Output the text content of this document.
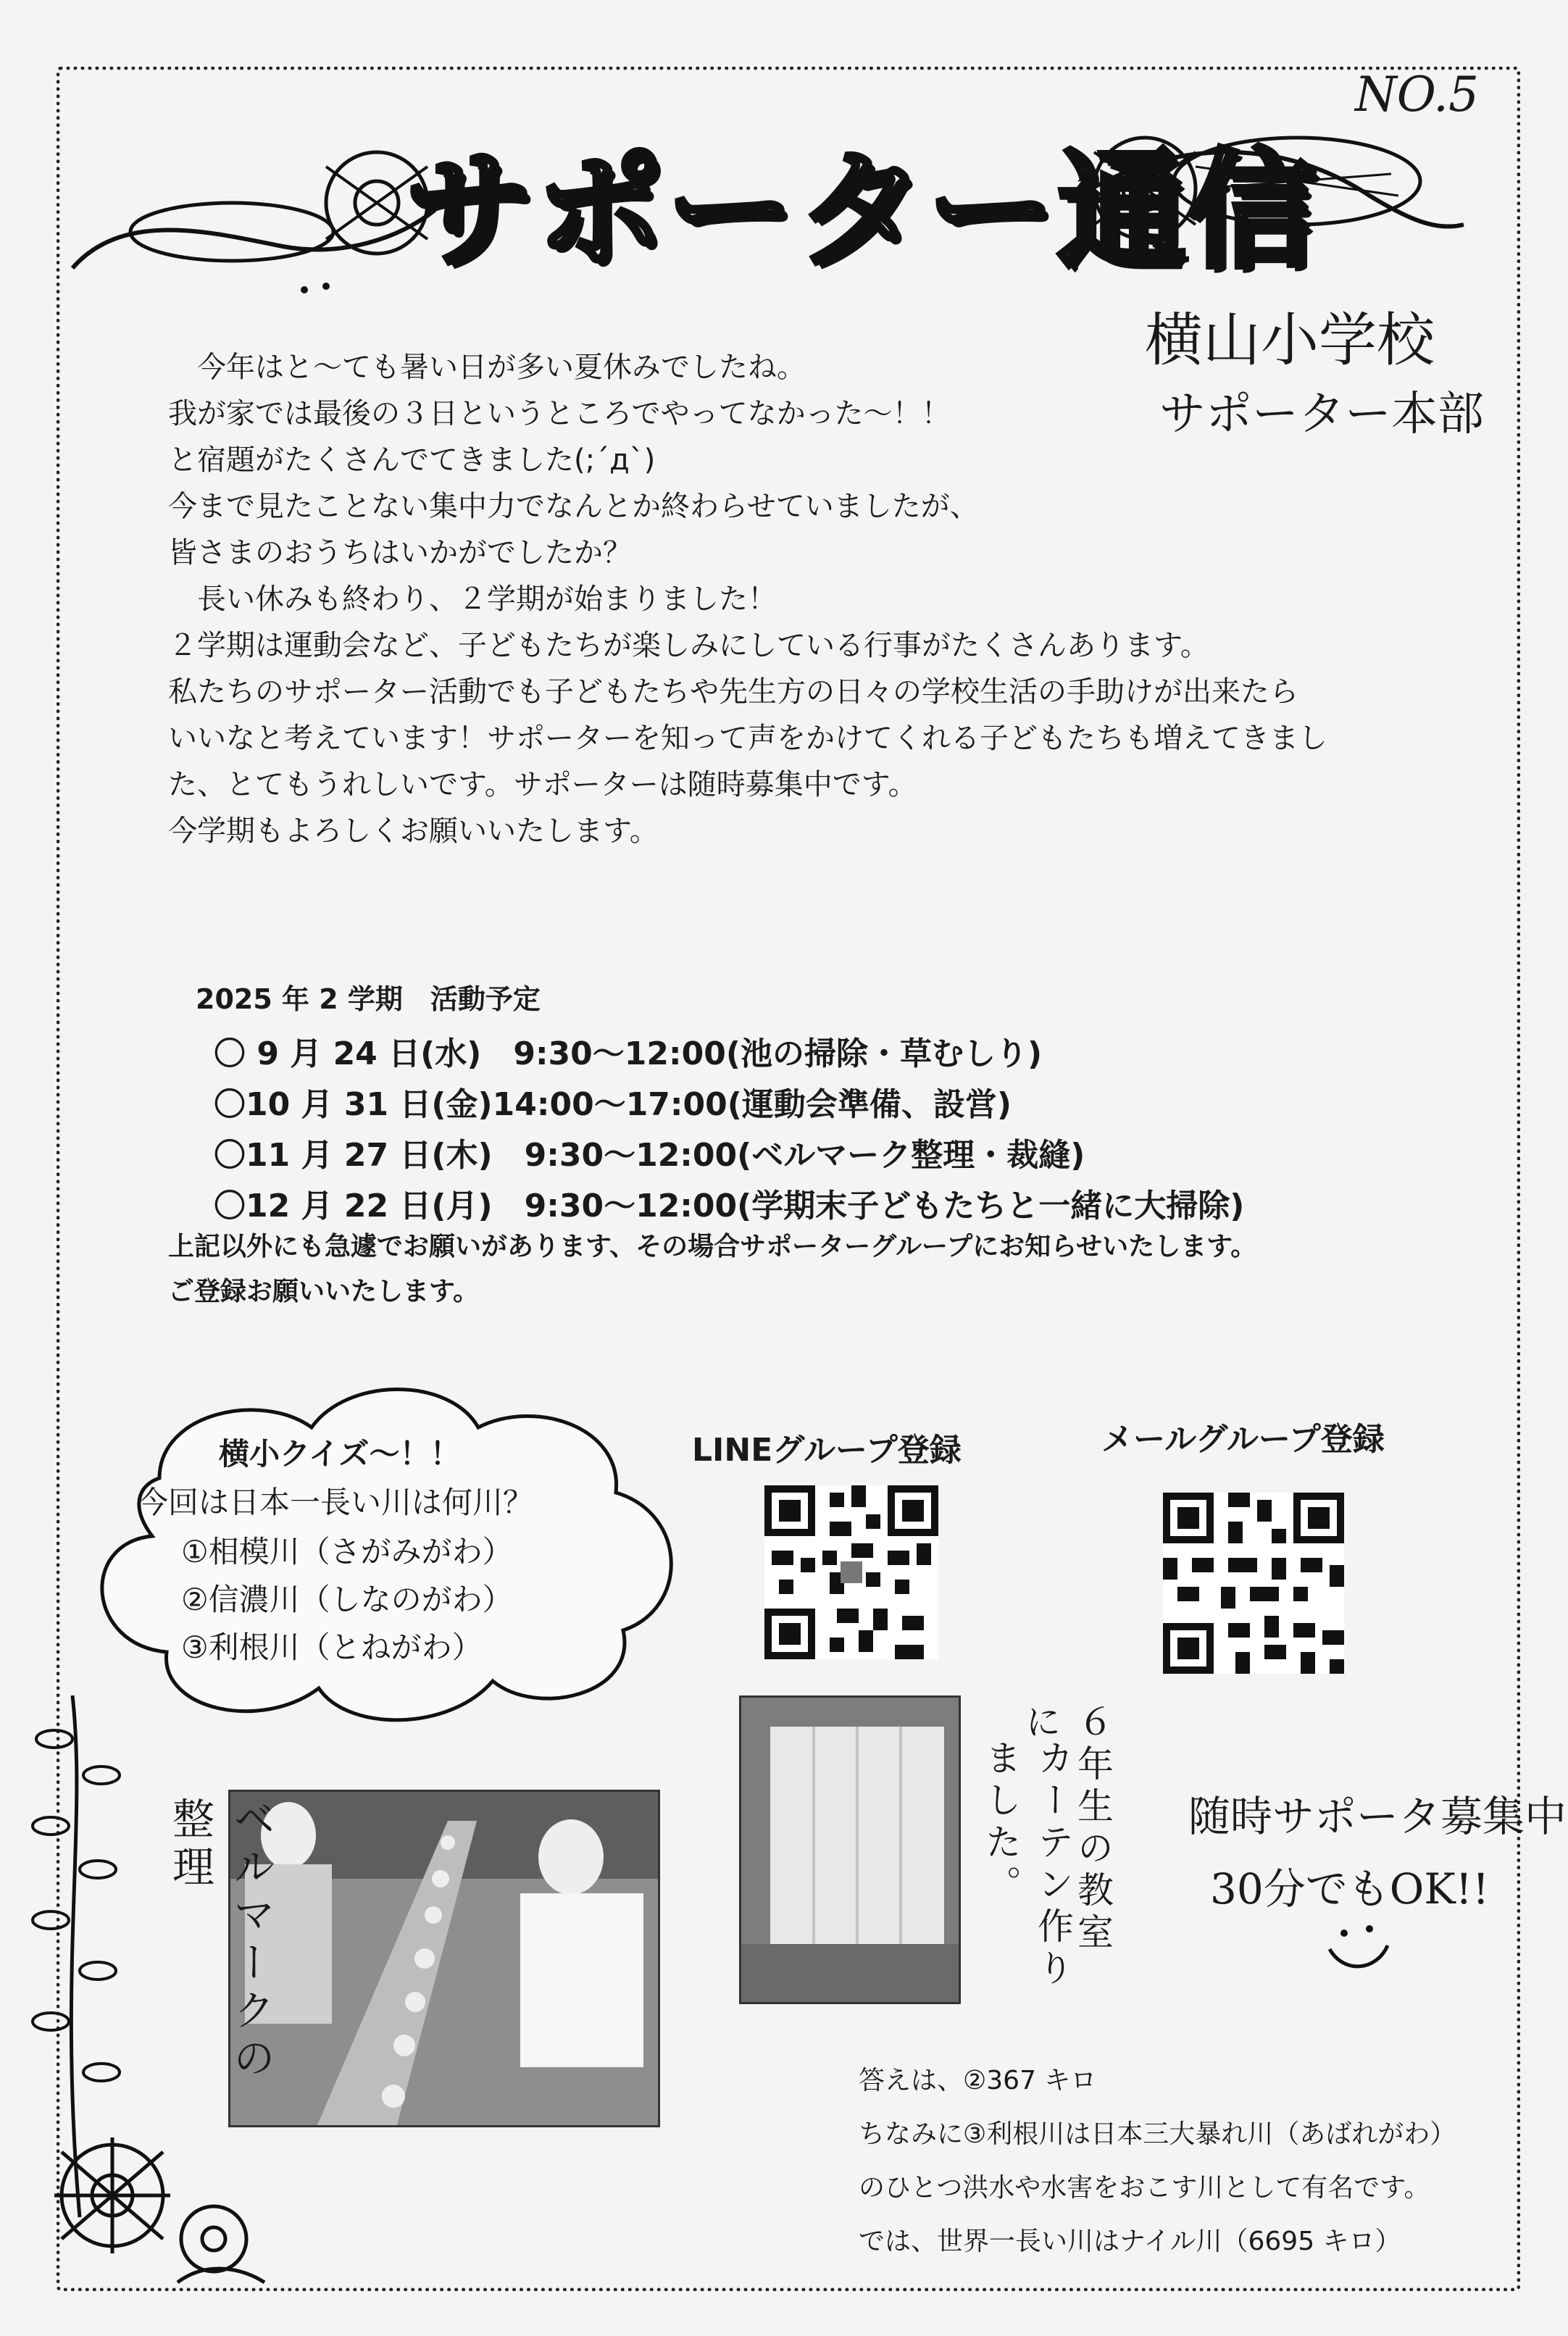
NO.5
サポーター通信
横山小学校
サポーター本部

　今年はと～ても暑い日が多い夏休みでしたね。

我が家では最後の３日というところでやってなかった～！！

と宿題がたくさんでてきました(;´д`)

今まで見たことない集中力でなんとか終わらせていましたが、

皆さまのおうちはいかがでしたか？

　長い休みも終わり、２学期が始まりました！

２学期は運動会など、子どもたちが楽しみにしている行事がたくさんあります。

私たちのサポーター活動でも子どもたちや先生方の日々の学校生活の手助けが出来たら

いいなと考えています！サポーターを知って声をかけてくれる子どもたちも増えてきまし

た、とてもうれしいです。サポーターは随時募集中です。

今学期もよろしくお願いいたします。

2025 年 2 学期　活動予定
〇 9 月 24 日(水)　9:30～12:00(池の掃除・草むしり)
〇10 月 31 日(金)14:00～17:00(運動会準備、設営)
〇11 月 27 日(木)　9:30～12:00(ベルマーク整理・裁縫)
〇12 月 22 日(月)　9:30～12:00(学期末子どもたちと一緒に大掃除)
上記以外にも急遽でお願いがあります、その場合サポーターグループにお知らせいたします。
ご登録お願いいたします。
横小クイズ～！！
今回は日本一長い川は何川？
①相模川（さがみがわ）
②信濃川（しなのがわ）
③利根川（とねがわ）
LINEグループ登録	メールグループ登録
ベルマークの整理	６年生の教室に
カーテン作りました。	随時サポータ募集中
30分でもOK!!

答えは、②367 キロ

ちなみに③利根川は日本三大暴れ川（あばれがわ）

のひとつ洪水や水害をおこす川として有名です。

では、世界一長い川はナイル川（6695 キロ）
